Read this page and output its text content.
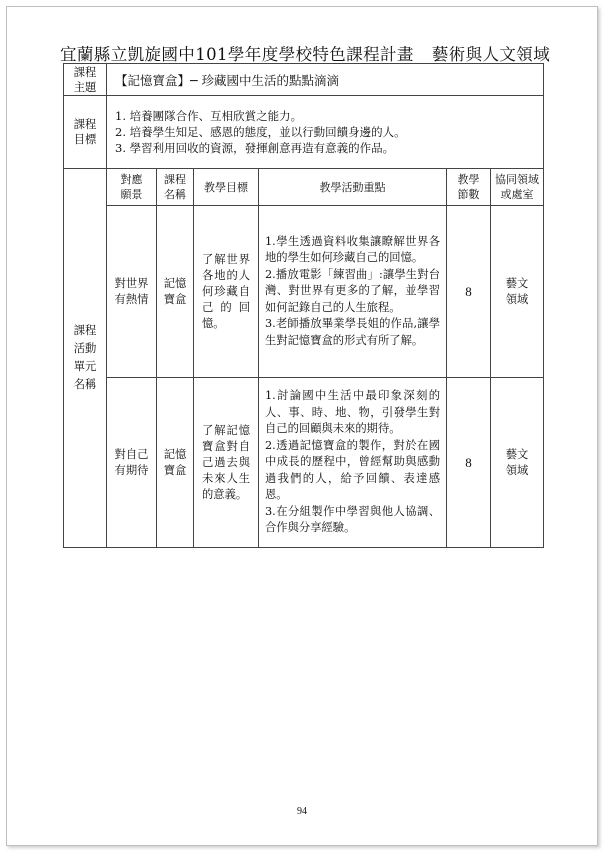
宜蘭縣立凱旋國中101學年度學校特色課程計畫 藝術與人文領域
課程主題	【記憶寶盒】─ 珍藏國中生活的點點滴滴					
課程目標	1. 培養團隊合作、互相欣賞之能力。
2. 培養學生知足、感恩的態度，並以行動回饋身邊的人。
3. 學習利用回收的資源，發揮創意再造有意義的作品。					

課程活動單元名稱	對應願景	課程名稱	教學目標	教學活動重點	教學節數	協同領域或處室
	對世界有熱情	記憶寶盒	了解世界各地的人何珍藏自己的回憶。	1.學生透過資料收集讓瞭解世界各地的學生如何珍藏自己的回憶。
2.播放電影「練習曲」:讓學生對台灣、對世界有更多的了解，並學習如何記錄自己的人生旅程。
3.老師播放畢業學長姐的作品,讓學生對記憶寶盒的形式有所了解。	8	藝文領域
	對自己有期待	記憶寶盒	了解記憶寶盒對自己過去與未來人生的意義。	1.討論國中生活中最印象深刻的人、事、時、地、物，引發學生對自己的回顧與未來的期待。
2.透過記憶寶盒的製作，對於在國中成長的歷程中，曾經幫助與感動過我們的人，給予回饋、表達感恩。
3.在分組製作中學習與他人協調、合作與分享經驗。	8	藝文領域
94
